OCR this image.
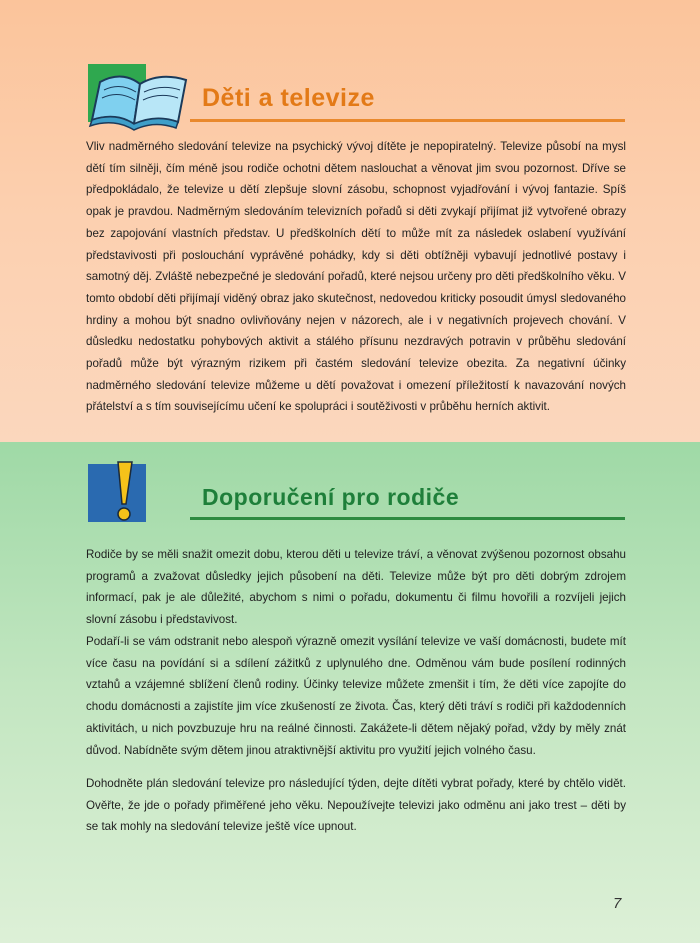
Děti a televize

Vliv nadměrného sledování televize na psychický vývoj dítěte je nepopiratelný. Televize působí na mysl dětí tím silněji, čím méně jsou rodiče ochotni dětem naslouchat a věnovat jim svou pozornost. Dříve se předpokládalo, že televize u dětí zlepšuje slovní zásobu, schopnost vyjadřování i vývoj fantazie. Spíš opak je pravdou. Nadměrným sledováním televizních pořadů si děti zvykají přijímat již vytvořené obrazy bez zapojování vlastních představ. U předškolních dětí to může mít za následek oslabení využívání představivosti při poslouchání vyprávěné pohádky, kdy si děti obtížněji vybavují jednotlivé postavy i samotný děj. Zvláště nebezpečné je sledování pořadů, které nejsou určeny pro děti předškolního věku. V tomto období děti přijímají viděný obraz jako skutečnost, nedovedou kriticky posoudit úmysl sledovaného hrdiny a mohou být snadno ovlivňovány nejen v názorech, ale i v negativních projevech chování. V důsledku nedostatku pohybových aktivit a stálého přísunu nezdravých potravin v průběhu sledování pořadů může být výrazným rizikem při častém sledování televize obezita. Za negativní účinky nadměrného sledování televize můžeme u dětí považovat i omezení příležitostí k navazování nových přátelství a s tím souvisejícímu učení ke spolupráci i soutěživosti v průběhu herních aktivit.

Doporučení pro rodiče

Rodiče by se měli snažit omezit dobu, kterou děti u televize tráví, a věnovat zvýšenou pozornost obsahu programů a zvažovat důsledky jejich působení na děti. Televize může být pro děti dobrým zdrojem informací, pak je ale důležité, abychom s nimi o pořadu, dokumentu či filmu hovořili a rozvíjeli jejich slovní zásobu i představivost.

Podaří-li se vám odstranit nebo alespoň výrazně omezit vysílání televize ve vaší domácnosti, budete mít více času na povídání si a sdílení zážitků z uplynulého dne. Odměnou vám bude posílení rodinných vztahů a vzájemné sblížení členů rodiny. Účinky televize můžete zmenšit i tím, že děti více zapojíte do chodu domácnosti a zajistíte jim více zkušeností ze života. Čas, který děti tráví s rodiči při každodenních aktivitách, u nich povzbuzuje hru na reálné činnosti. Zakážete-li dětem nějaký pořad, vždy by měly znát důvod. Nabídněte svým dětem jinou atraktivnější aktivitu pro využití jejich volného času.

Dohodněte plán sledování televize pro následující týden, dejte dítěti vybrat pořady, které by chtělo vidět. Ověřte, že jde o pořady přiměřené jeho věku. Nepoužívejte televizi jako odměnu ani jako trest – děti by se tak mohly na sledování televize ještě více upnout.

7
